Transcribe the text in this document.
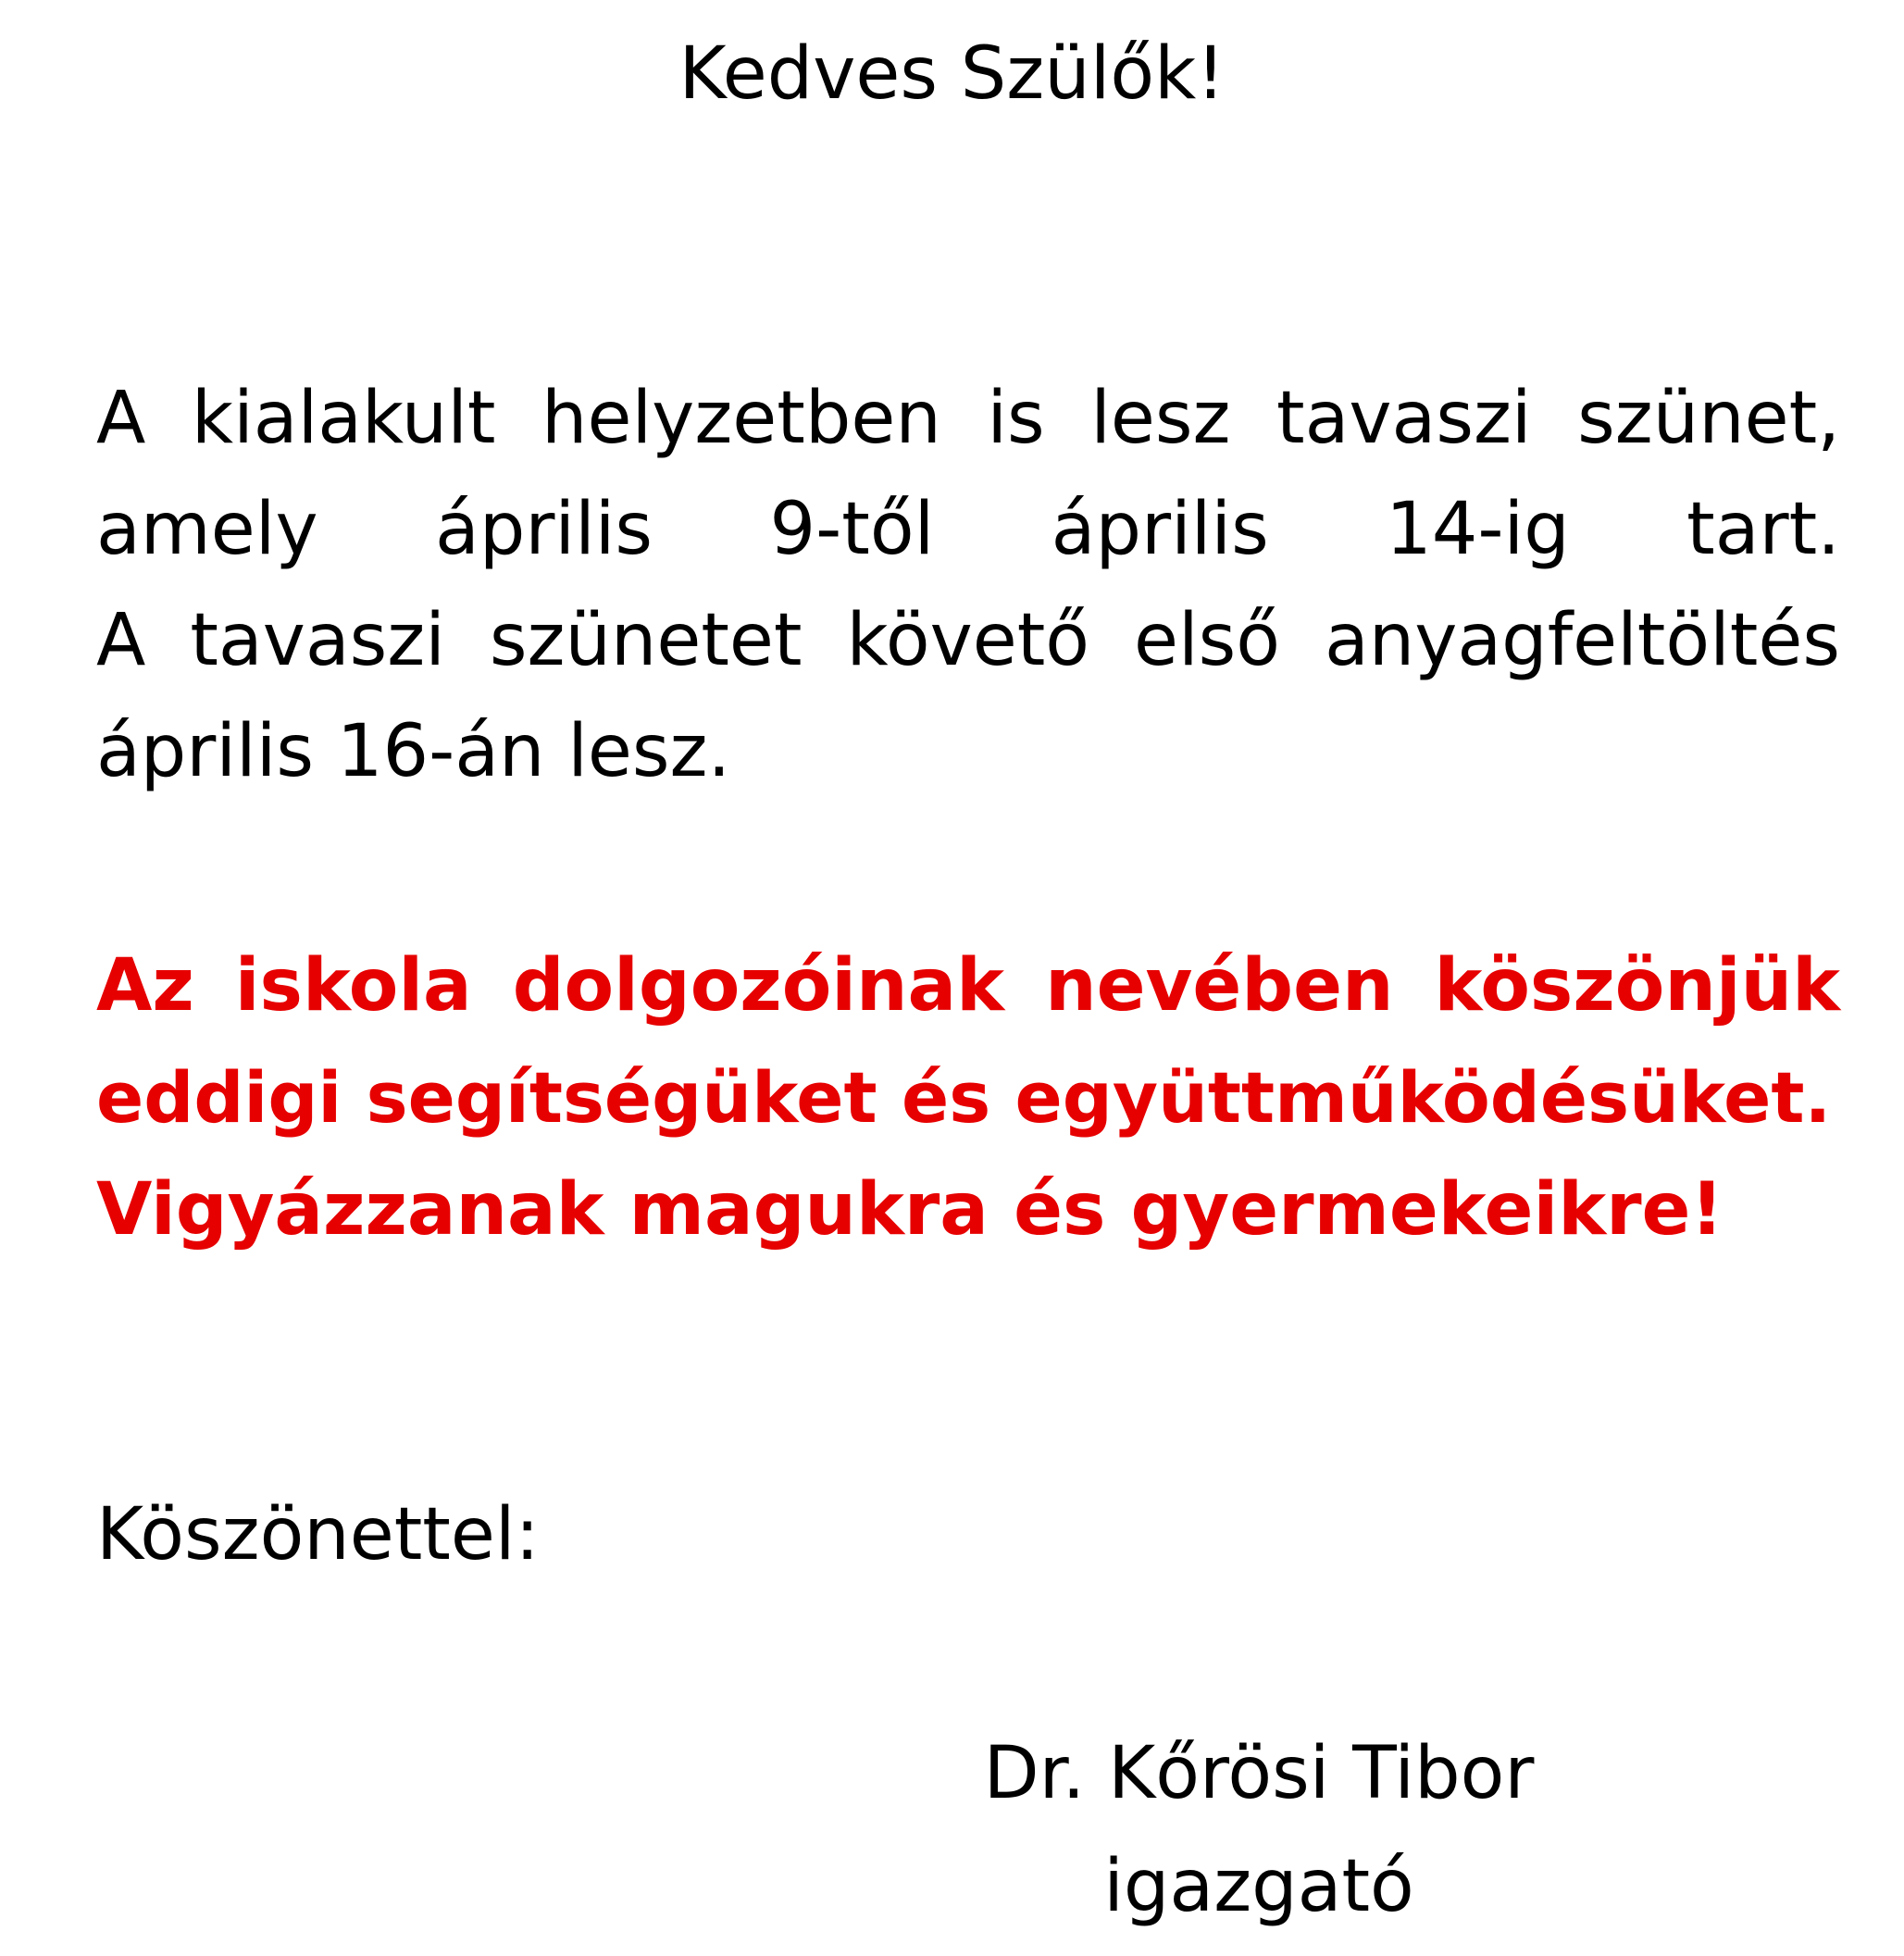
Kedves Szülők!
A kialakult helyzetben is lesz tavaszi szünet,
amely április 9-től április 14-ig tart.
A tavaszi szünetet követő első anyagfeltöltés
április 16-án lesz.
Az iskola dolgozóinak nevében köszönjük
eddigi segítségüket és együttműködésüket.
Vigyázzanak magukra és gyermekeikre!
Köszönettel:
Dr. Kőrösi Tibor
igazgató
